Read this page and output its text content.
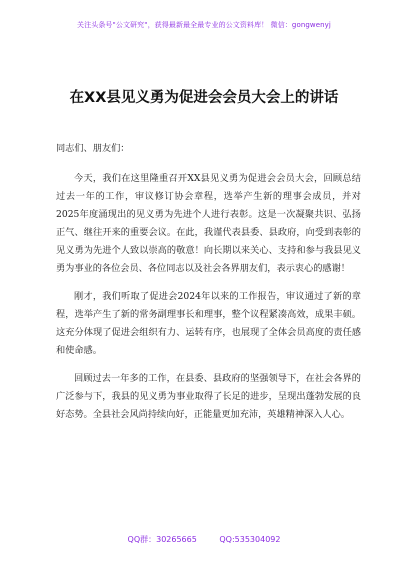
关注头条号"公文研究"，获得最新最全最专业的公文资料库！ 微信：gongwenyj
在XX县见义勇为促进会会员大会上的讲话

同志们、朋友们：

今天，我们在这里隆重召开XX县见义勇为促进会会员大会，回顾总结过去一年的工作，审议修订协会章程，选举产生新的理事会成员，并对2025年度涌现出的见义勇为先进个人进行表彰。这是一次凝聚共识、弘扬正气、继往开来的重要会议。在此，我谨代表县委、县政府，向受到表彰的见义勇为先进个人致以崇高的敬意！向长期以来关心、支持和参与我县见义勇为事业的各位会员、各位同志以及社会各界朋友们，表示衷心的感谢！

刚才，我们听取了促进会2024年以来的工作报告，审议通过了新的章程，选举产生了新的常务副理事长和理事，整个议程紧凑高效，成果丰硕。这充分体现了促进会组织有力、运转有序，也展现了全体会员高度的责任感和使命感。

回顾过去一年多的工作，在县委、县政府的坚强领导下，在社会各界的广泛参与下，我县的见义勇为事业取得了长足的进步，呈现出蓬勃发展的良好态势。全县社会风尚持续向好，正能量更加充沛，英雄精神深入人心。

QQ群：30265665	QQ:535304092
